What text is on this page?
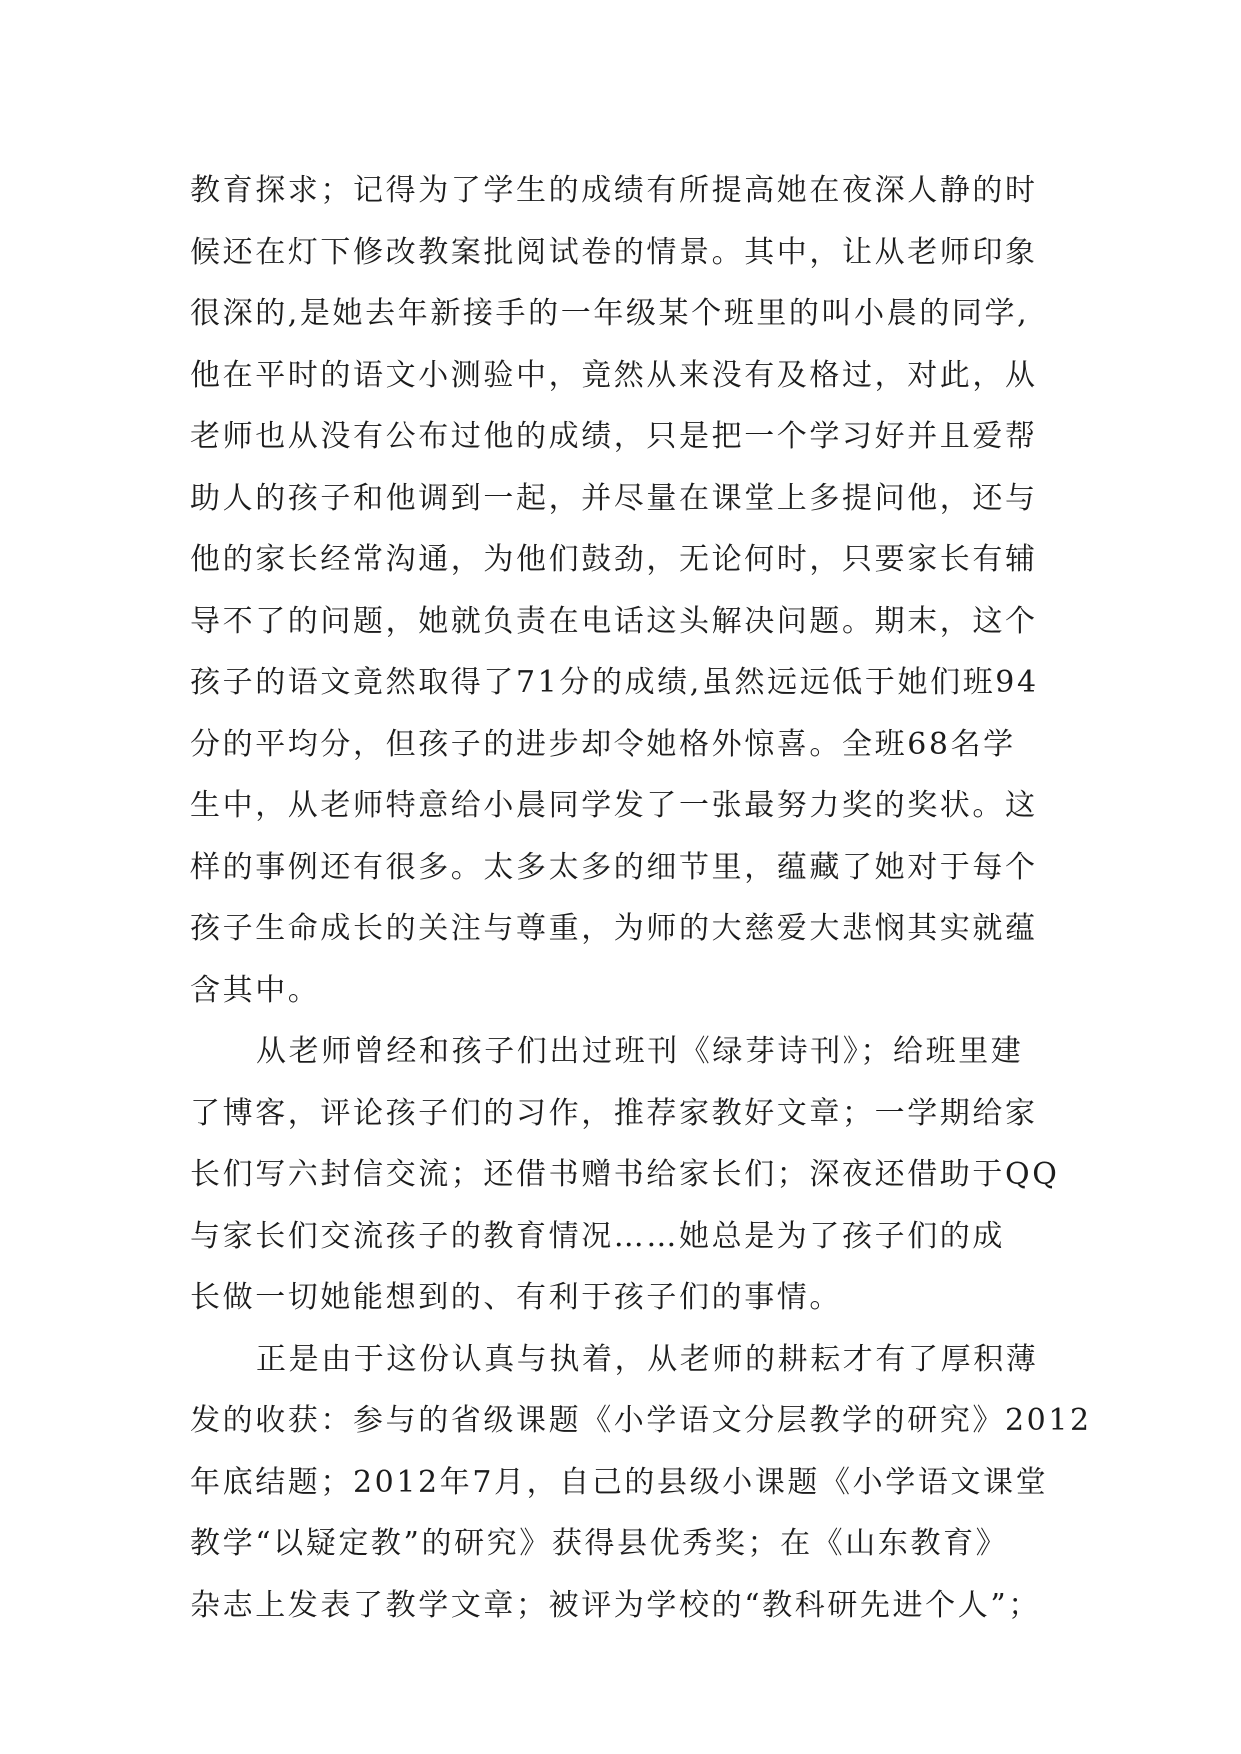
教育探求；记得为了学生的成绩有所提高她在夜深人静的时
候还在灯下修改教案批阅试卷的情景。其中，让从老师印象
很深的,是她去年新接手的一年级某个班里的叫小晨的同学,
他在平时的语文小测验中，竟然从来没有及格过，对此，从
老师也从没有公布过他的成绩，只是把一个学习好并且爱帮
助人的孩子和他调到一起，并尽量在课堂上多提问他，还与
他的家长经常沟通，为他们鼓劲，无论何时，只要家长有辅
导不了的问题，她就负责在电话这头解决问题。期末，这个
孩子的语文竟然取得了71分的成绩,虽然远远低于她们班94
分的平均分，但孩子的进步却令她格外惊喜。全班68名学
生中，从老师特意给小晨同学发了一张最努力奖的奖状。这
样的事例还有很多。太多太多的细节里，蕴藏了她对于每个
孩子生命成长的关注与尊重，为师的大慈爱大悲悯其实就蕴
含其中。
从老师曾经和孩子们出过班刊《绿芽诗刊》；给班里建
了博客，评论孩子们的习作，推荐家教好文章；一学期给家
长们写六封信交流；还借书赠书给家长们；深夜还借助于QQ
与家长们交流孩子的教育情况……她总是为了孩子们的成
长做一切她能想到的、有利于孩子们的事情。
正是由于这份认真与执着，从老师的耕耘才有了厚积薄
发的收获：参与的省级课题《小学语文分层教学的研究》2012
年底结题；2012年7月，自己的县级小课题《小学语文课堂
教学“以疑定教”的研究》获得县优秀奖；在《山东教育》
杂志上发表了教学文章；被评为学校的“教科研先进个人”；
